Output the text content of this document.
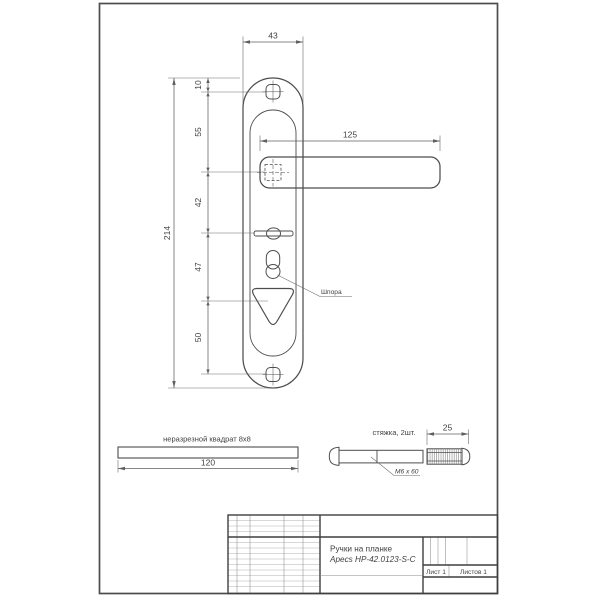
43
214
10
55
42
47
50
125
Шпора
неразрезной квадрат 8х8
120
стяжка, 2шт.
М6 х 60
25
Ручки на планке
Apecs HP-42.0123-S-C
Лист 1 Листов 1
